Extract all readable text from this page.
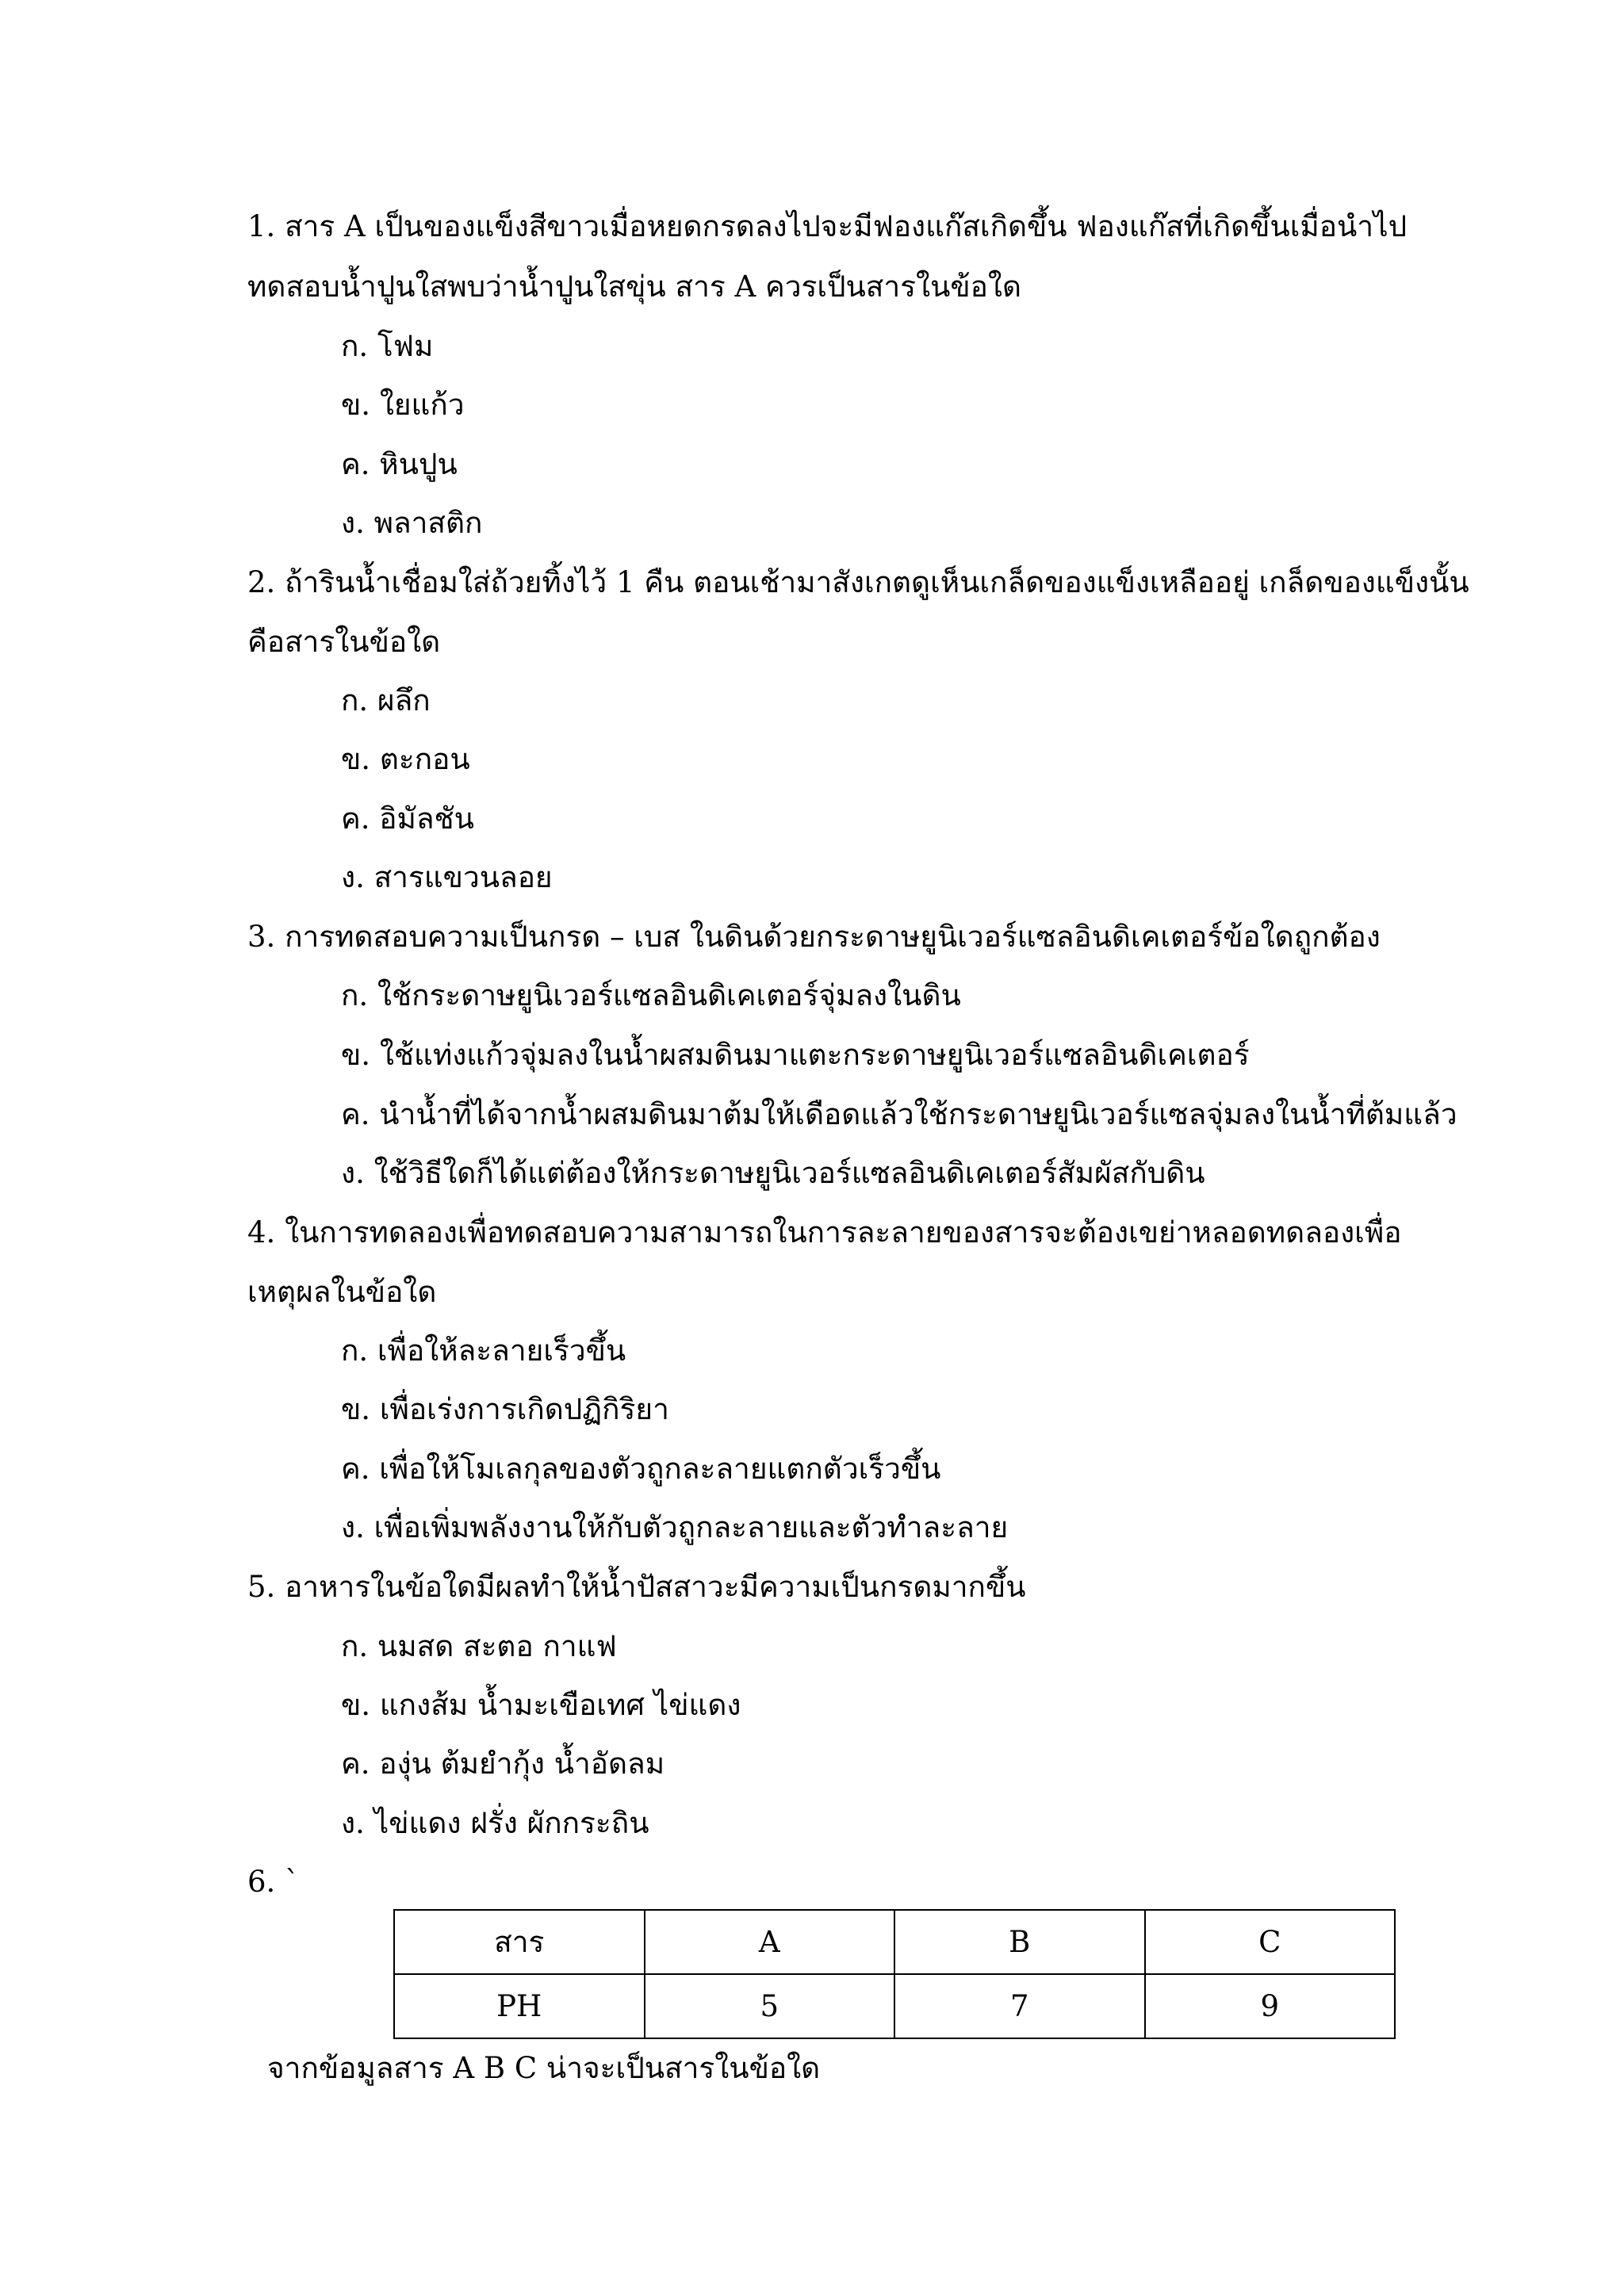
1. สาร A เป็นของแข็งสีขาวเมื่อหยดกรดลงไปจะมีฟองแก๊สเกิดขึ้น ฟองแก๊สที่เกิดขึ้นเมื่อนำไป
ทดสอบน้ำปูนใสพบว่าน้ำปูนใสขุ่น สาร A ควรเป็นสารในข้อใด
ก. โฟม
ข. ใยแก้ว
ค. หินปูน
ง. พลาสติก
2. ถ้ารินน้ำเชื่อมใส่ถ้วยทิ้งไว้ 1 คืน ตอนเช้ามาสังเกตดูเห็นเกล็ดของแข็งเหลืออยู่ เกล็ดของแข็งนั้น
คือสารในข้อใด
ก. ผลึก
ข. ตะกอน
ค. อิมัลชัน
ง. สารแขวนลอย
3. การทดสอบความเป็นกรด – เบส ในดินด้วยกระดาษยูนิเวอร์แซลอินดิเคเตอร์ข้อใดถูกต้อง
ก. ใช้กระดาษยูนิเวอร์แซลอินดิเคเตอร์จุ่มลงในดิน
ข. ใช้แท่งแก้วจุ่มลงในน้ำผสมดินมาแตะกระดาษยูนิเวอร์แซลอินดิเคเตอร์
ค. นำน้ำที่ได้จากน้ำผสมดินมาต้มให้เดือดแล้วใช้กระดาษยูนิเวอร์แซลจุ่มลงในน้ำที่ต้มแล้ว
ง. ใช้วิธีใดก็ได้แต่ต้องให้กระดาษยูนิเวอร์แซลอินดิเคเตอร์สัมผัสกับดิน
4. ในการทดลองเพื่อทดสอบความสามารถในการละลายของสารจะต้องเขย่าหลอดทดลองเพื่อ
เหตุผลในข้อใด
ก. เพื่อให้ละลายเร็วขึ้น
ข. เพื่อเร่งการเกิดปฏิกิริยา
ค. เพื่อให้โมเลกุลของตัวถูกละลายแตกตัวเร็วขึ้น
ง. เพื่อเพิ่มพลังงานให้กับตัวถูกละลายและตัวทำละลาย
5. อาหารในข้อใดมีผลทำให้น้ำปัสสาวะมีความเป็นกรดมากขึ้น
ก. นมสด สะตอ กาแฟ
ข. แกงส้ม น้ำมะเขือเทศ ไข่แดง
ค. องุ่น ต้มยำกุ้ง น้ำอัดลม
ง. ไข่แดง ฝรั่ง ผักกระถิน
6. `
สาร	A	B	C
PH	5	7	9
จากข้อมูลสาร A B C น่าจะเป็นสารในข้อใด
